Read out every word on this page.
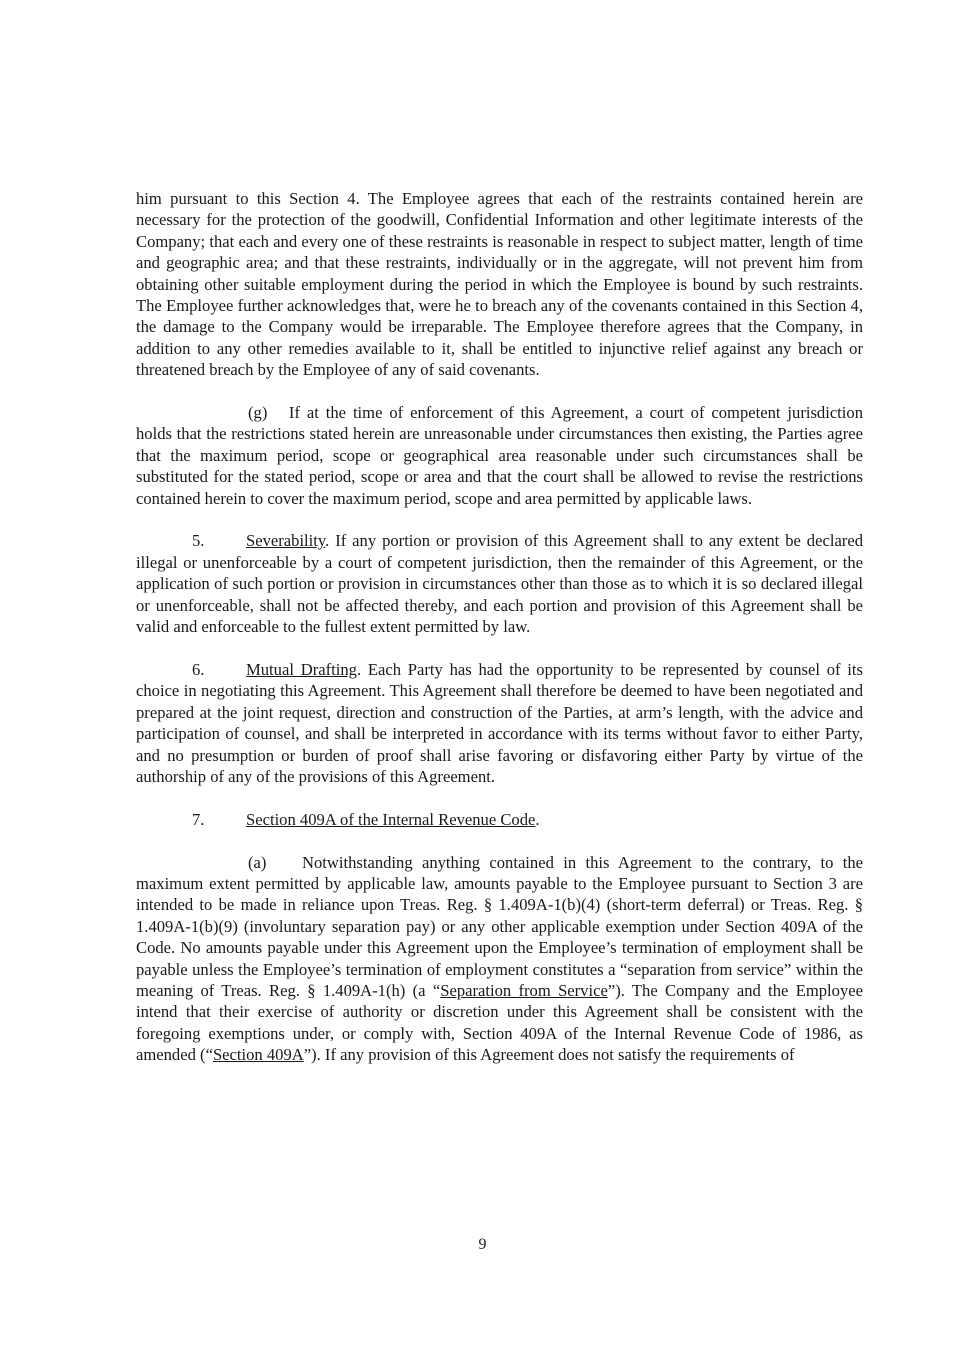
him pursuant to this Section 4. The Employee agrees that each of the restraints contained herein are necessary for the protection of the goodwill, Confidential Information and other legitimate interests of the Company; that each and every one of these restraints is reasonable in respect to subject matter, length of time and geographic area; and that these restraints, individually or in the aggregate, will not prevent him from obtaining other suitable employment during the period in which the Employee is bound by such restraints. The Employee further acknowledges that, were he to breach any of the covenants contained in this Section 4, the damage to the Company would be irreparable. The Employee therefore agrees that the Company, in addition to any other remedies available to it, shall be entitled to injunctive relief against any breach or threatened breach by the Employee of any of said covenants.

(g) If at the time of enforcement of this Agreement, a court of competent jurisdiction holds that the restrictions stated herein are unreasonable under circumstances then existing, the Parties agree that the maximum period, scope or geographical area reasonable under such circumstances shall be substituted for the stated period, scope or area and that the court shall be allowed to revise the restrictions contained herein to cover the maximum period, scope and area permitted by applicable laws.

5.	Severability. If any portion or provision of this Agreement shall to any extent be declared illegal or unenforceable by a court of competent jurisdiction, then the remainder of this Agreement, or the application of such portion or provision in circumstances other than those as to which it is so declared illegal or unenforceable, shall not be affected thereby, and each portion and provision of this Agreement shall be valid and enforceable to the fullest extent permitted by law.

6.	Mutual Drafting. Each Party has had the opportunity to be represented by counsel of its choice in negotiating this Agreement. This Agreement shall therefore be deemed to have been negotiated and prepared at the joint request, direction and construction of the Parties, at arm’s length, with the advice and participation of counsel, and shall be interpreted in accordance with its terms without favor to either Party, and no presumption or burden of proof shall arise favoring or disfavoring either Party by virtue of the authorship of any of the provisions of this Agreement.

7.	Section 409A of the Internal Revenue Code.

(a) Notwithstanding anything contained in this Agreement to the contrary, to the maximum extent permitted by applicable law, amounts payable to the Employee pursuant to Section 3 are intended to be made in reliance upon Treas. Reg. § 1.409A-1(b)(4) (short-term deferral) or Treas. Reg. § 1.409A-1(b)(9) (involuntary separation pay) or any other applicable exemption under Section 409A of the Code. No amounts payable under this Agreement upon the Employee’s termination of employment shall be payable unless the Employee’s termination of employment constitutes a “separation from service” within the meaning of Treas. Reg. § 1.409A-1(h) (a “Separation from Service”). The Company and the Employee intend that their exercise of authority or discretion under this Agreement shall be consistent with the foregoing exemptions under, or comply with, Section 409A of the Internal Revenue Code of 1986, as amended (“Section 409A”). If any provision of this Agreement does not satisfy the requirements of

9
